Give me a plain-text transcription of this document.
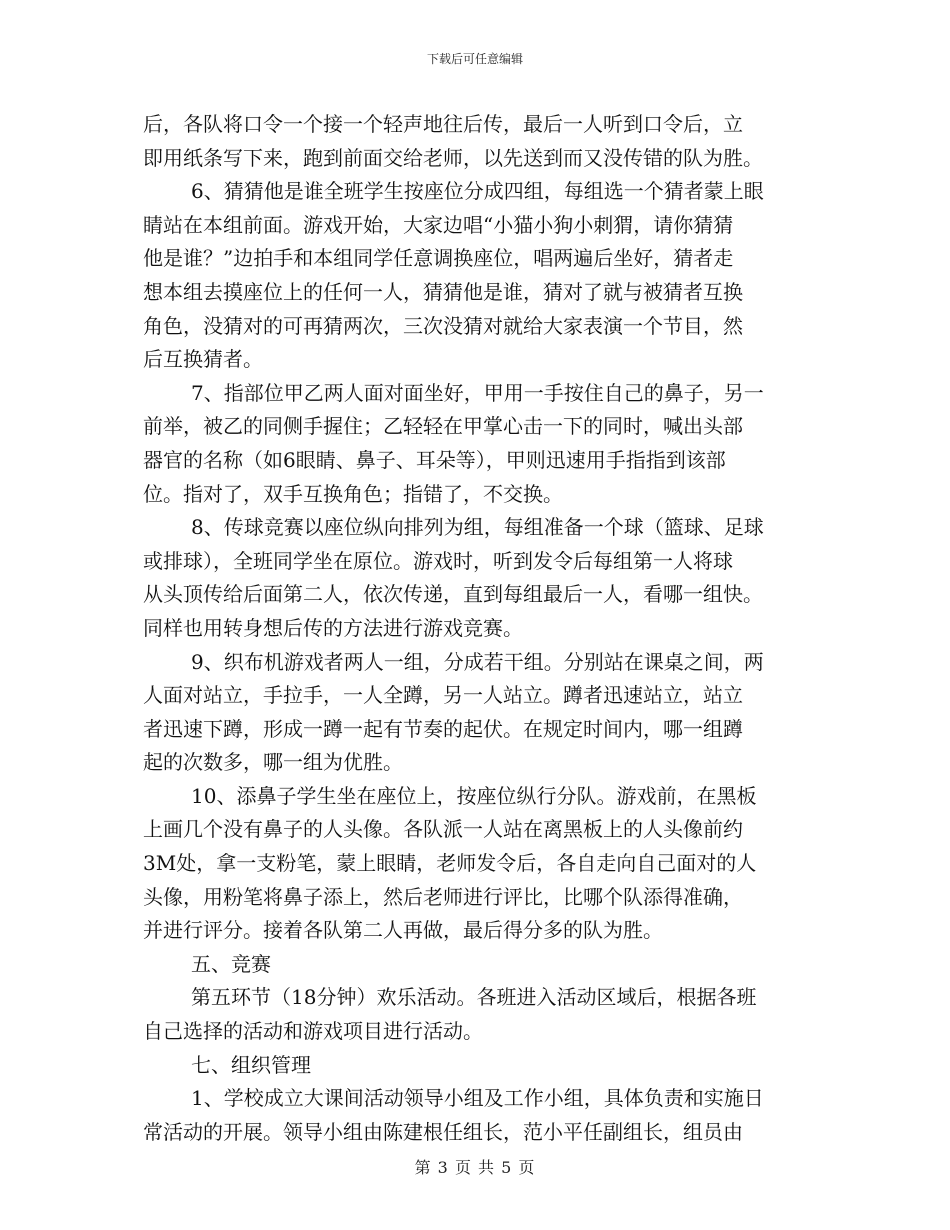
下载后可任意编辑
后，各队将口令一个接一个轻声地往后传，最后一人听到口令后，立
即用纸条写下来，跑到前面交给老师，以先送到而又没传错的队为胜。
6、猜猜他是谁全班学生按座位分成四组，每组选一个猜者蒙上眼
睛站在本组前面。游戏开始，大家边唱“小猫小狗小刺猬，请你猜猜
他是谁？”边拍手和本组同学任意调换座位，唱两遍后坐好，猜者走
想本组去摸座位上的任何一人，猜猜他是谁，猜对了就与被猜者互换
角色，没猜对的可再猜两次，三次没猜对就给大家表演一个节目，然
后互换猜者。
7、指部位甲乙两人面对面坐好，甲用一手按住自己的鼻子，另一
前举，被乙的同侧手握住；乙轻轻在甲掌心击一下的同时，喊出头部
器官的名称（如6眼睛、鼻子、耳朵等），甲则迅速用手指指到该部
位。指对了，双手互换角色；指错了，不交换。
8、传球竞赛以座位纵向排列为组，每组准备一个球（篮球、足球
或排球），全班同学坐在原位。游戏时，听到发令后每组第一人将球
从头顶传给后面第二人，依次传递，直到每组最后一人，看哪一组快。
同样也用转身想后传的方法进行游戏竞赛。
9、织布机游戏者两人一组，分成若干组。分别站在课桌之间，两
人面对站立，手拉手，一人全蹲，另一人站立。蹲者迅速站立，站立
者迅速下蹲，形成一蹲一起有节奏的起伏。在规定时间内，哪一组蹲
起的次数多，哪一组为优胜。
10、添鼻子学生坐在座位上，按座位纵行分队。游戏前，在黑板
上画几个没有鼻子的人头像。各队派一人站在离黑板上的人头像前约
3M处，拿一支粉笔，蒙上眼睛，老师发令后，各自走向自己面对的人
头像，用粉笔将鼻子添上，然后老师进行评比，比哪个队添得准确，
并进行评分。接着各队第二人再做，最后得分多的队为胜。
五、竞赛
第五环节（18分钟）欢乐活动。各班进入活动区域后，根据各班
自己选择的活动和游戏项目进行活动。
七、组织管理
1、学校成立大课间活动领导小组及工作小组，具体负责和实施日
常活动的开展。领导小组由陈建根任组长，范小平任副组长，组员由
第 3 页 共 5 页
